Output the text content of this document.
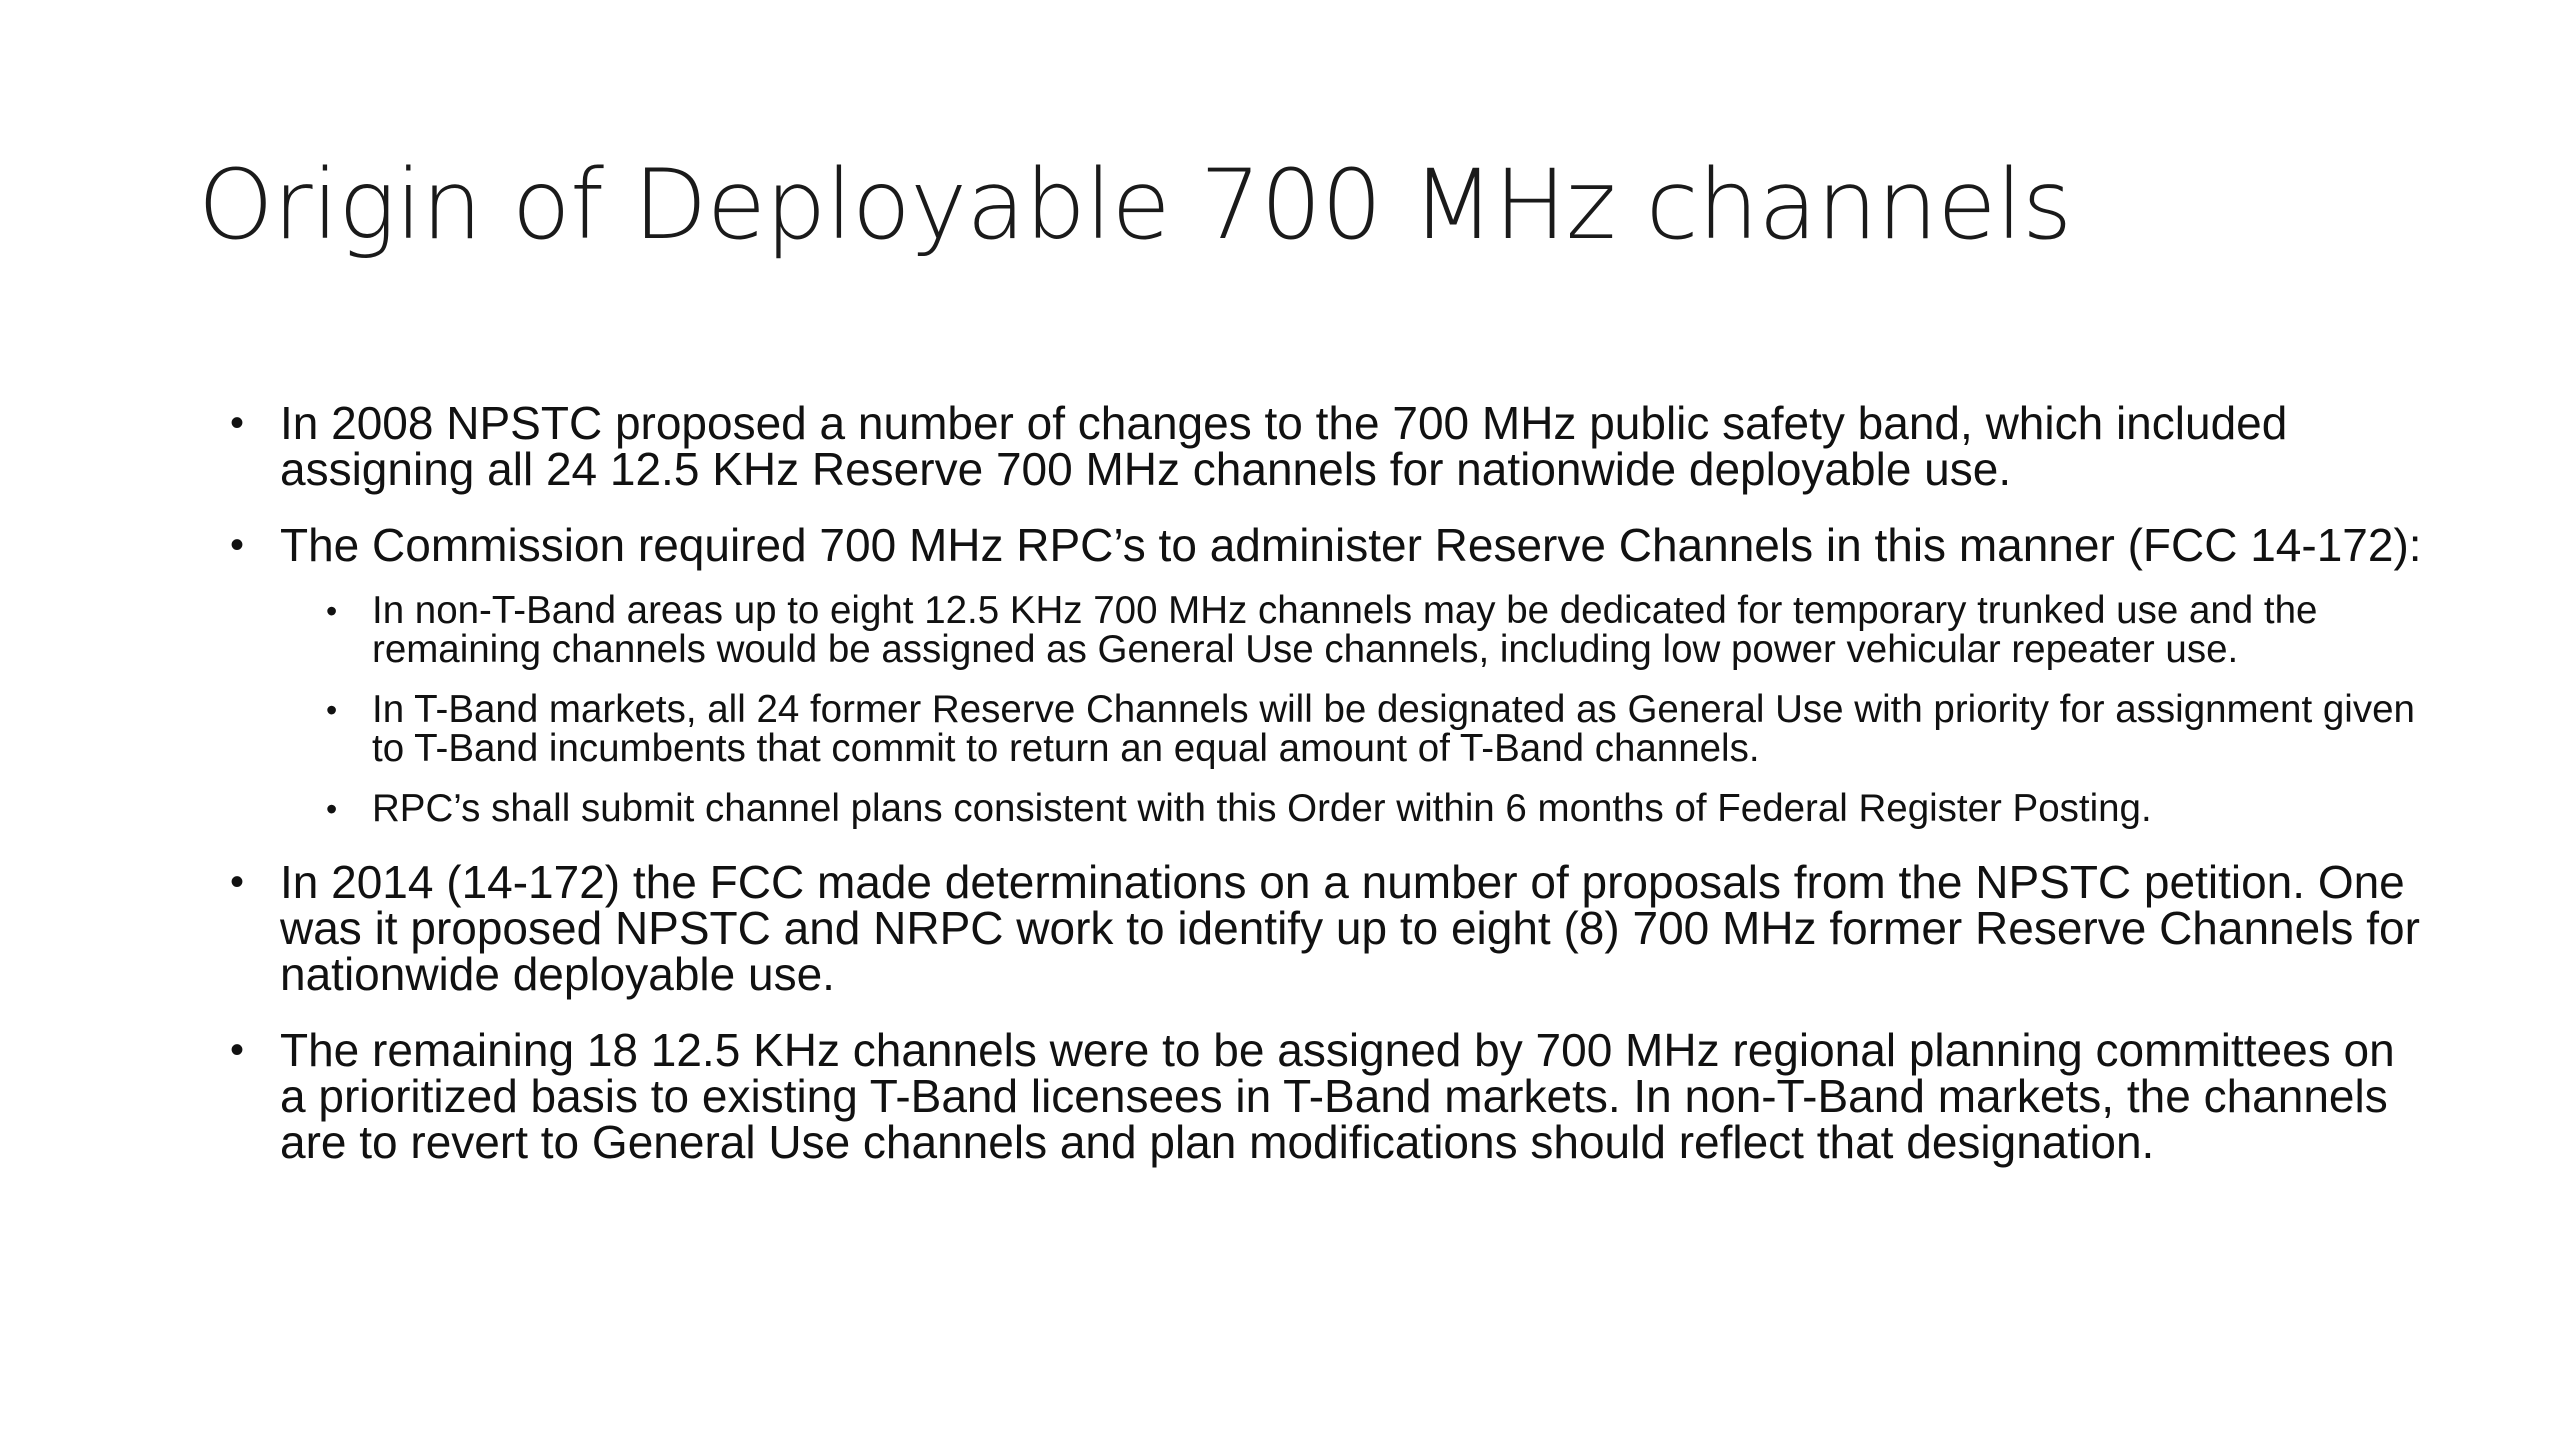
Origin of Deployable 700 MHz channels
• In 2008 NPSTC proposed a number of changes to the 700 MHz public safety band, which included assigning all 24 12.5 KHz Reserve 700 MHz channels for nationwide deployable use.
• The Commission required 700 MHz RPC’s to administer Reserve Channels in this manner (FCC 14-172):
• In non-T-Band areas up to eight 12.5 KHz 700 MHz channels may be dedicated for temporary trunked use and the remaining channels would be assigned as General Use channels, including low power vehicular repeater use.
• In T-Band markets, all 24 former Reserve Channels will be designated as General Use with priority for assignment given to T-Band incumbents that commit to return an equal amount of T-Band channels.
• RPC’s shall submit channel plans consistent with this Order within 6 months of Federal Register Posting.
• In 2014 (14-172) the FCC made determinations on a number of proposals from the NPSTC petition. One was it proposed NPSTC and NRPC work to identify up to eight (8) 700 MHz former Reserve Channels for nationwide deployable use.
• The remaining 18 12.5 KHz channels were to be assigned by 700 MHz regional planning committees on a prioritized basis to existing T-Band licensees in T-Band markets. In non-T-Band markets, the channels are to revert to General Use channels and plan modifications should reflect that designation.
